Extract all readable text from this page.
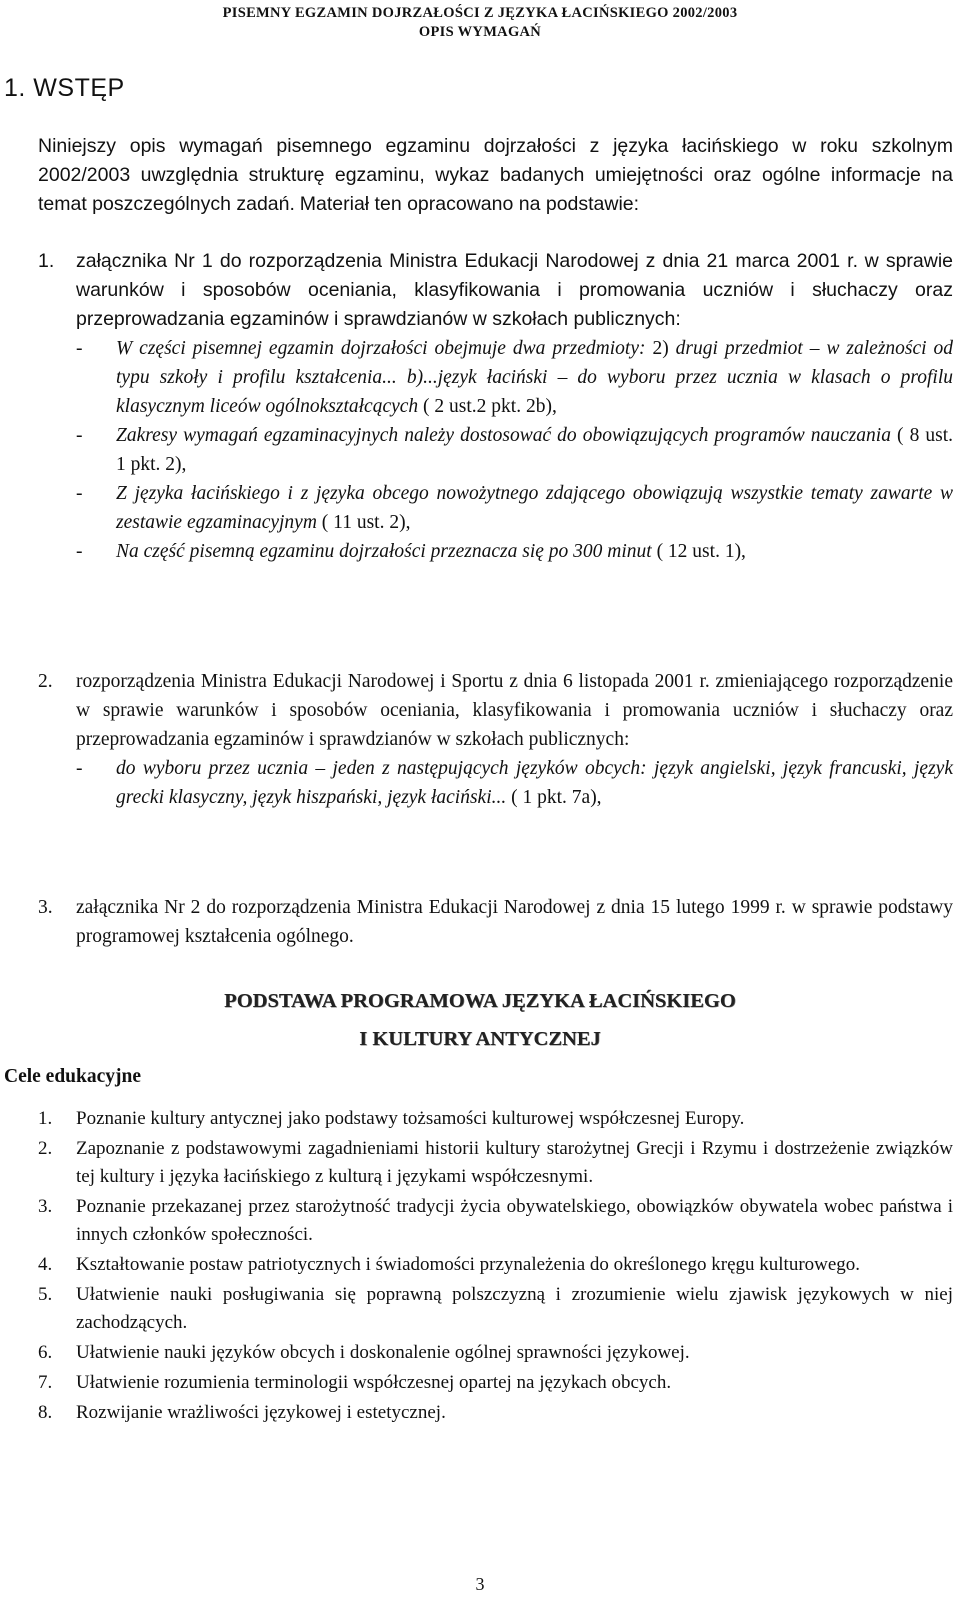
PISEMNY EGZAMIN DOJRZAŁOŚCI Z JĘZYKA ŁACIŃSKIEGO 2002/2003
OPIS WYMAGAŃ
1. WSTĘP
Niniejszy opis wymagań pisemnego egzaminu dojrzałości z języka łacińskiego w roku szkolnym 2002/2003 uwzględnia strukturę egzaminu, wykaz badanych umiejętności oraz ogólne informacje na temat poszczególnych zadań. Materiał ten opracowano na podstawie:
1. załącznika Nr 1 do rozporządzenia Ministra Edukacji Narodowej z dnia 21 marca 2001 r. w sprawie warunków i sposobów oceniania, klasyfikowania i promowania uczniów i słuchaczy oraz przeprowadzania egzaminów i sprawdzianów w szkołach publicznych:
- W części pisemnej egzamin dojrzałości obejmuje dwa przedmioty: 2) drugi przedmiot – w zależności od typu szkoły i profilu kształcenia... b)...język łaciński – do wyboru przez ucznia w klasach o profilu klasycznym liceów ogólnokształcących ( 2 ust.2 pkt. 2b),
- Zakresy wymagań egzaminacyjnych należy dostosować do obowiązujących programów nauczania ( 8 ust. 1 pkt. 2),
- Z języka łacińskiego i z języka obcego nowożytnego zdającego obowiązują wszystkie tematy zawarte w zestawie egzaminacyjnym ( 11 ust. 2),
- Na część pisemną egzaminu dojrzałości przeznacza się po 300 minut ( 12 ust. 1),
2. rozporządzenia Ministra Edukacji Narodowej i Sportu z dnia 6 listopada 2001 r. zmieniającego rozporządzenie w sprawie warunków i sposobów oceniania, klasyfikowania i promowania uczniów i słuchaczy oraz przeprowadzania egzaminów i sprawdzianów w szkołach publicznych:
- do wyboru przez ucznia – jeden z następujących języków obcych: język angielski, język francuski, język grecki klasyczny, język hiszpański, język łaciński... ( 1 pkt. 7a),
3. załącznika Nr 2 do rozporządzenia Ministra Edukacji Narodowej z dnia 15 lutego 1999 r. w sprawie podstawy programowej kształcenia ogólnego.
PODSTAWA PROGRAMOWA JĘZYKA ŁACIŃSKIEGO
I KULTURY ANTYCZNEJ
Cele edukacyjne
1. Poznanie kultury antycznej jako podstawy tożsamości kulturowej współczesnej Europy.
2. Zapoznanie z podstawowymi zagadnieniami historii kultury starożytnej Grecji i Rzymu i dostrzeżenie związków tej kultury i języka łacińskiego z kulturą i językami współczesnymi.
3. Poznanie przekazanej przez starożytność tradycji życia obywatelskiego, obowiązków obywatela wobec państwa i innych członków społeczności.
4. Kształtowanie postaw patriotycznych i świadomości przynależenia do określonego kręgu kulturowego.
5. Ułatwienie nauki posługiwania się poprawną polszczyzną i zrozumienie wielu zjawisk językowych w niej zachodzących.
6. Ułatwienie nauki języków obcych i doskonalenie ogólnej sprawności językowej.
7. Ułatwienie rozumienia terminologii współczesnej opartej na językach obcych.
8. Rozwijanie wrażliwości językowej i estetycznej.
3
